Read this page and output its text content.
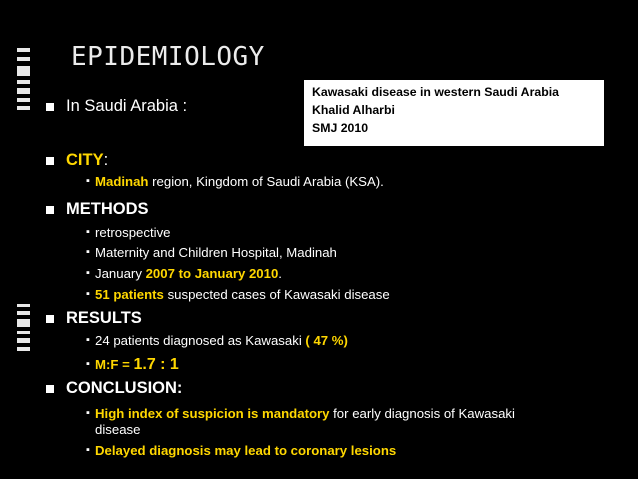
EPIDEMIOLOGY
Kawasaki disease in western Saudi Arabia
Khalid Alharbi
SMJ 2010
In Saudi Arabia :
CITY:
▪ Madinah region, Kingdom of Saudi Arabia (KSA).
METHODS
▪ retrospective
▪ Maternity and Children Hospital, Madinah
▪ January 2007 to January 2010.
▪ 51 patients suspected cases of Kawasaki disease
RESULTS
▪ 24 patients diagnosed as Kawasaki ( 47 %)
▪ M:F = 1.7 : 1
CONCLUSION:
▪ High index of suspicion is mandatory for early diagnosis of Kawasaki
disease
▪ Delayed diagnosis may lead to coronary lesions
